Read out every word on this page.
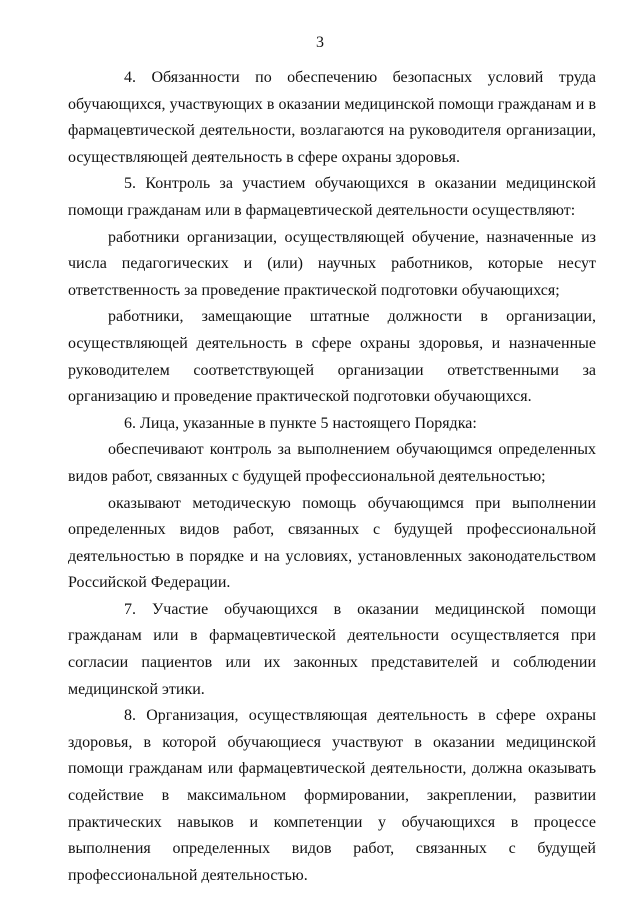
3

4. Обязанности по обеспечению безопасных условий труда обучающихся, участвующих в оказании медицинской помощи гражданам и в фармацевтической деятельности, возлагаются на руководителя организации, осуществляющей деятельность в сфере охраны здоровья.

5. Контроль за участием обучающихся в оказании медицинской помощи гражданам или в фармацевтической деятельности осуществляют:

работники организации, осуществляющей обучение, назначенные из числа педагогических и (или) научных работников, которые несут ответственность за проведение практической подготовки обучающихся;

работники, замещающие штатные должности в организации, осуществляющей деятельность в сфере охраны здоровья, и назначенные руководителем соответствующей организации ответственными за организацию и проведение практической подготовки обучающихся.

6. Лица, указанные в пункте 5 настоящего Порядка:

обеспечивают контроль за выполнением обучающимся определенных видов работ, связанных с будущей профессиональной деятельностью;

оказывают методическую помощь обучающимся при выполнении определенных видов работ, связанных с будущей профессиональной деятельностью в порядке и на условиях, установленных законодательством Российской Федерации.

7. Участие обучающихся в оказании медицинской помощи гражданам или в фармацевтической деятельности осуществляется при согласии пациентов или их законных представителей и соблюдении медицинской этики.

8. Организация, осуществляющая деятельность в сфере охраны здоровья, в которой обучающиеся участвуют в оказании медицинской помощи гражданам или фармацевтической деятельности, должна оказывать содействие в максимальном формировании, закреплении, развитии практических навыков и компетенции у обучающихся в процессе выполнения определенных видов работ, связанных с будущей профессиональной деятельностью.
